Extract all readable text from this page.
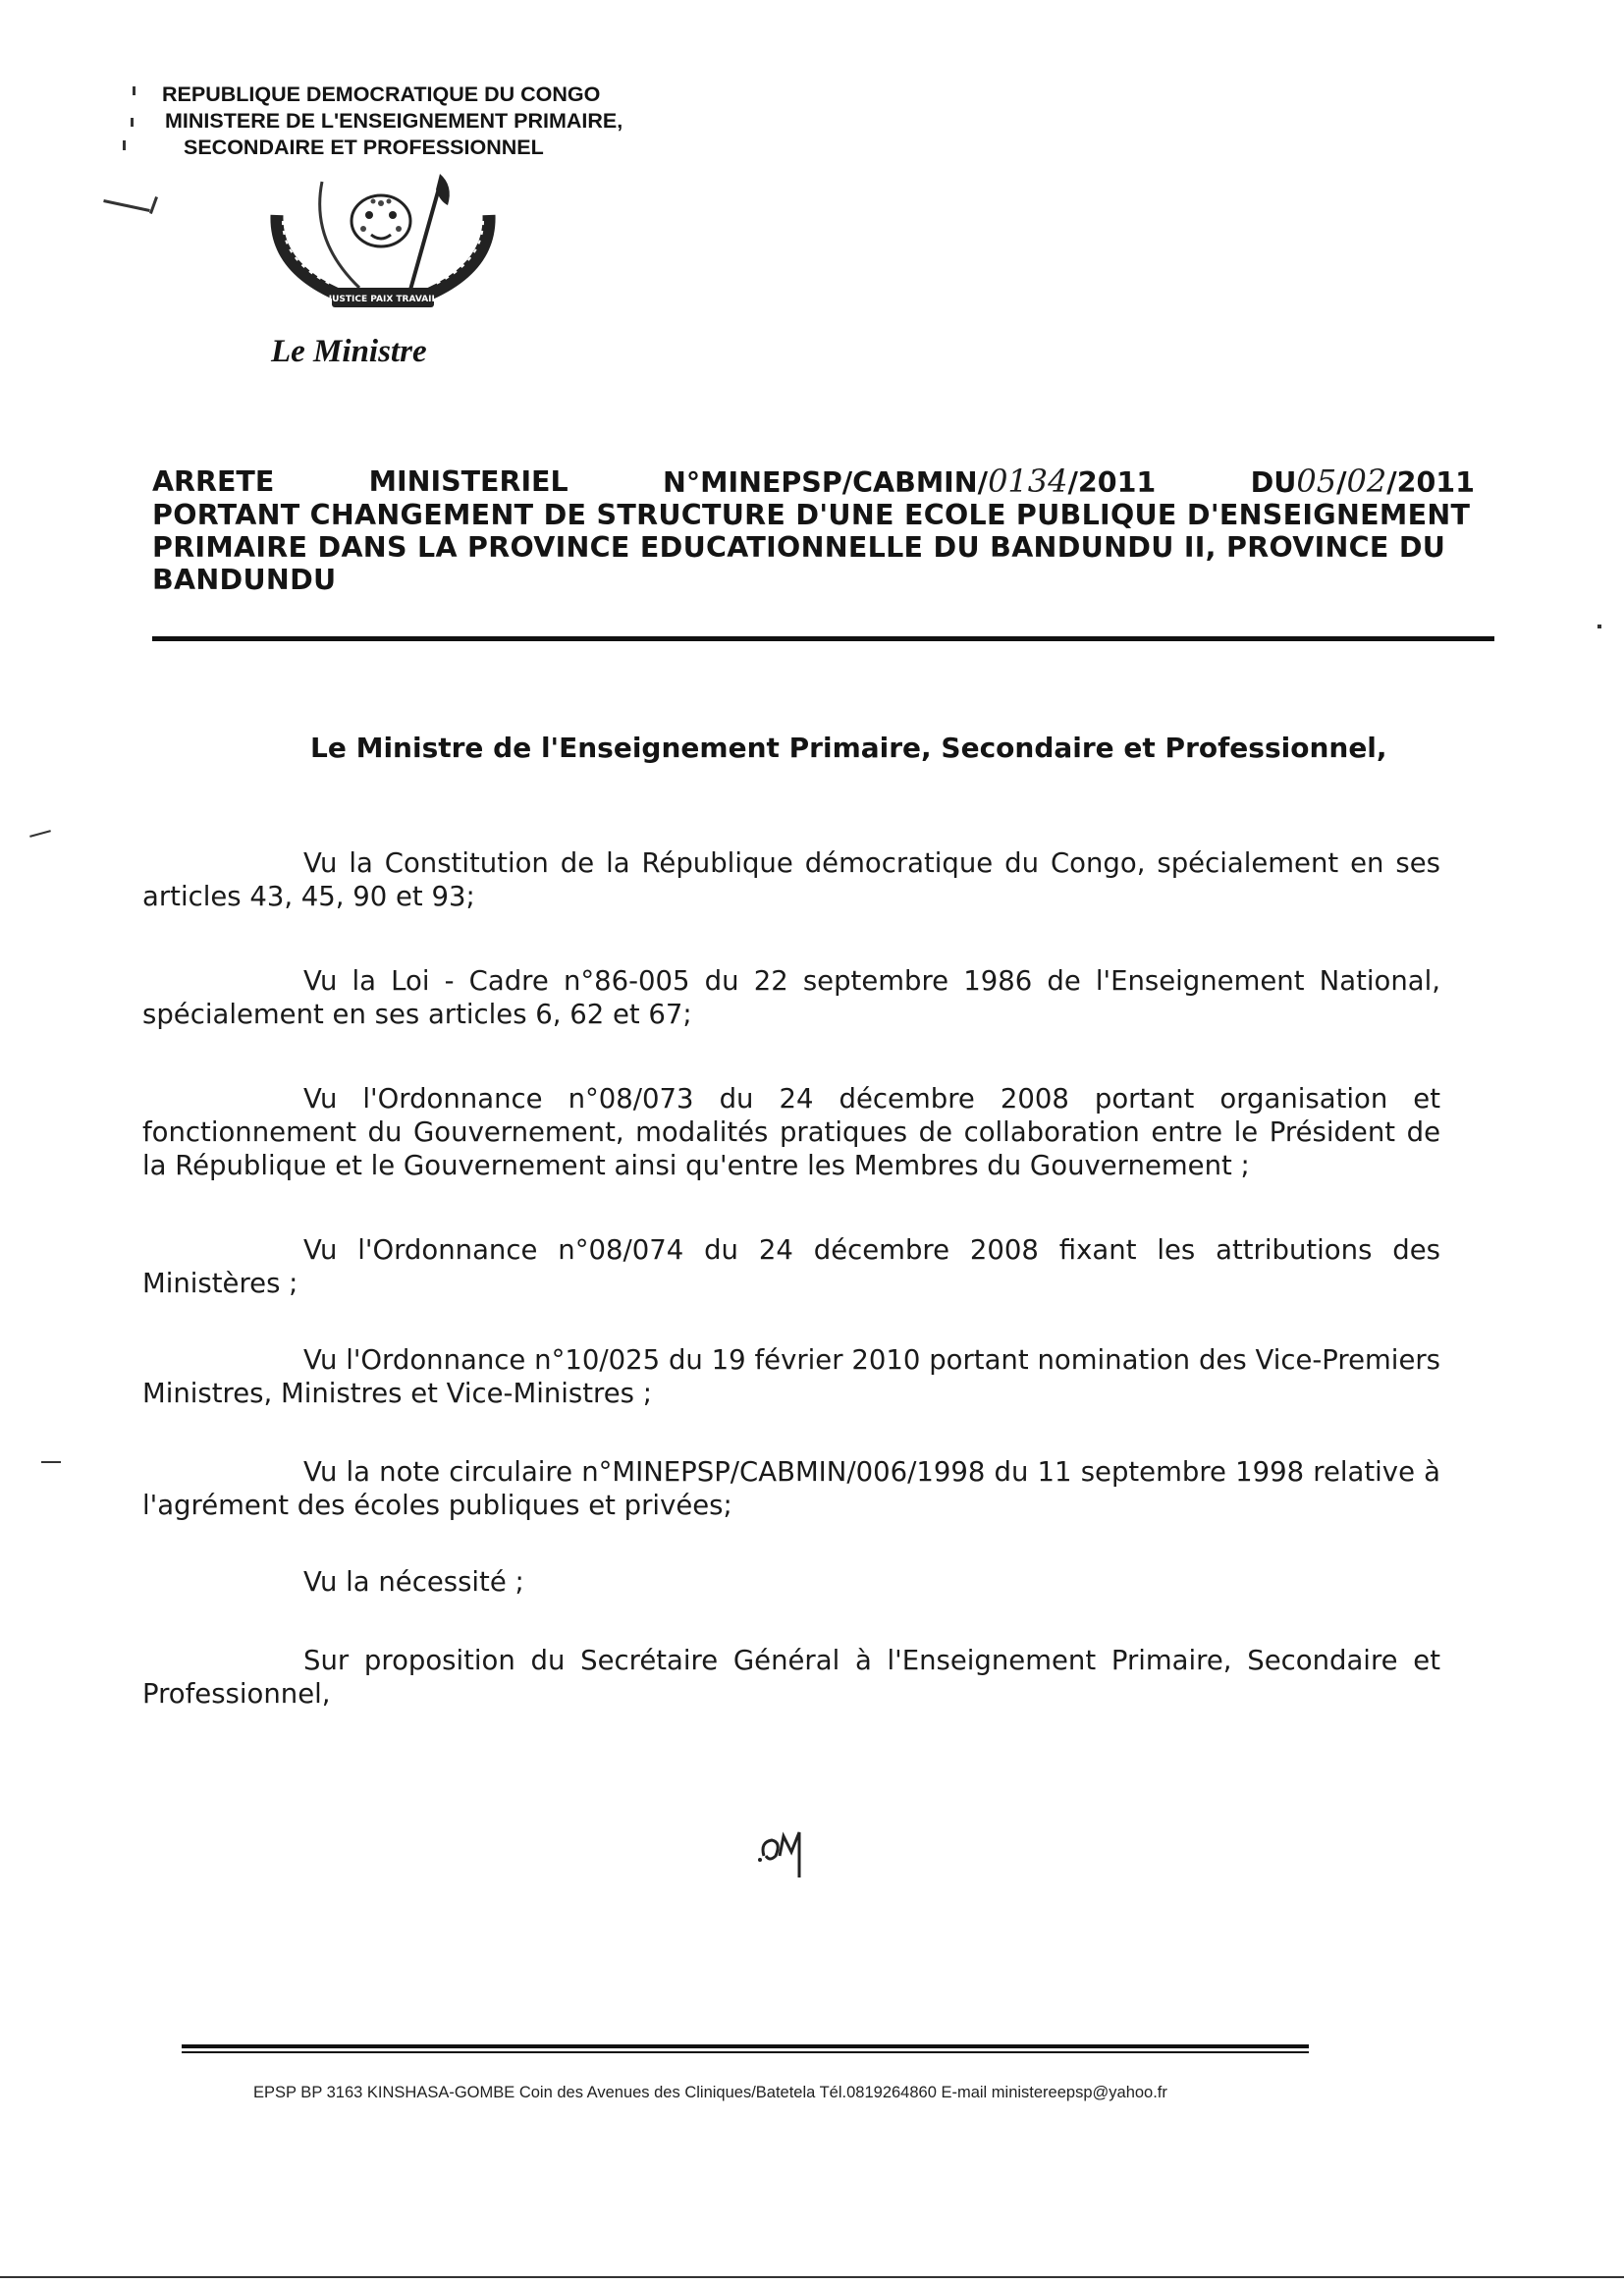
REPUBLIQUE DEMOCRATIQUE DU CONGO
MINISTERE DE L'ENSEIGNEMENT PRIMAIRE,
SECONDAIRE ET PROFESSIONNEL
JUSTICE PAIX TRAVAIL
Le Ministre
ARRETE	MINISTERIEL	N°MINEPSP/CABMIN/0134/2011	DU05/02/2011
PORTANT CHANGEMENT DE STRUCTURE D'UNE ECOLE PUBLIQUE D'ENSEIGNEMENT
PRIMAIRE DANS LA PROVINCE EDUCATIONNELLE DU BANDUNDU II, PROVINCE DU
BANDUNDU
Le Ministre de l'Enseignement Primaire, Secondaire et Professionnel,
Vu la Constitution de la République démocratique du Congo, spécialement en ses articles 43, 45, 90 et 93;
Vu la Loi - Cadre n°86-005 du 22 septembre 1986 de l'Enseignement National, spécialement en ses articles 6, 62 et 67;
Vu l'Ordonnance n°08/073 du 24 décembre 2008 portant organisation et fonctionnement du Gouvernement, modalités pratiques de collaboration entre le Président de la République et le Gouvernement ainsi qu'entre les Membres du Gouvernement ;
Vu l'Ordonnance n°08/074 du 24 décembre 2008 fixant les attributions des Ministères ;
Vu l'Ordonnance n°10/025 du 19 février 2010 portant nomination des Vice-Premiers Ministres, Ministres et Vice-Ministres ;
Vu la note circulaire n°MINEPSP/CABMIN/006/1998 du 11 septembre 1998 relative à l'agrément des écoles publiques et privées;
Vu la nécessité ;
Sur proposition du Secrétaire Général à l'Enseignement Primaire, Secondaire et Professionnel,
EPSP BP 3163 KINSHASA-GOMBE Coin des Avenues des Cliniques/Batetela Tél.0819264860 E-mail ministereepsp@yahoo.fr
